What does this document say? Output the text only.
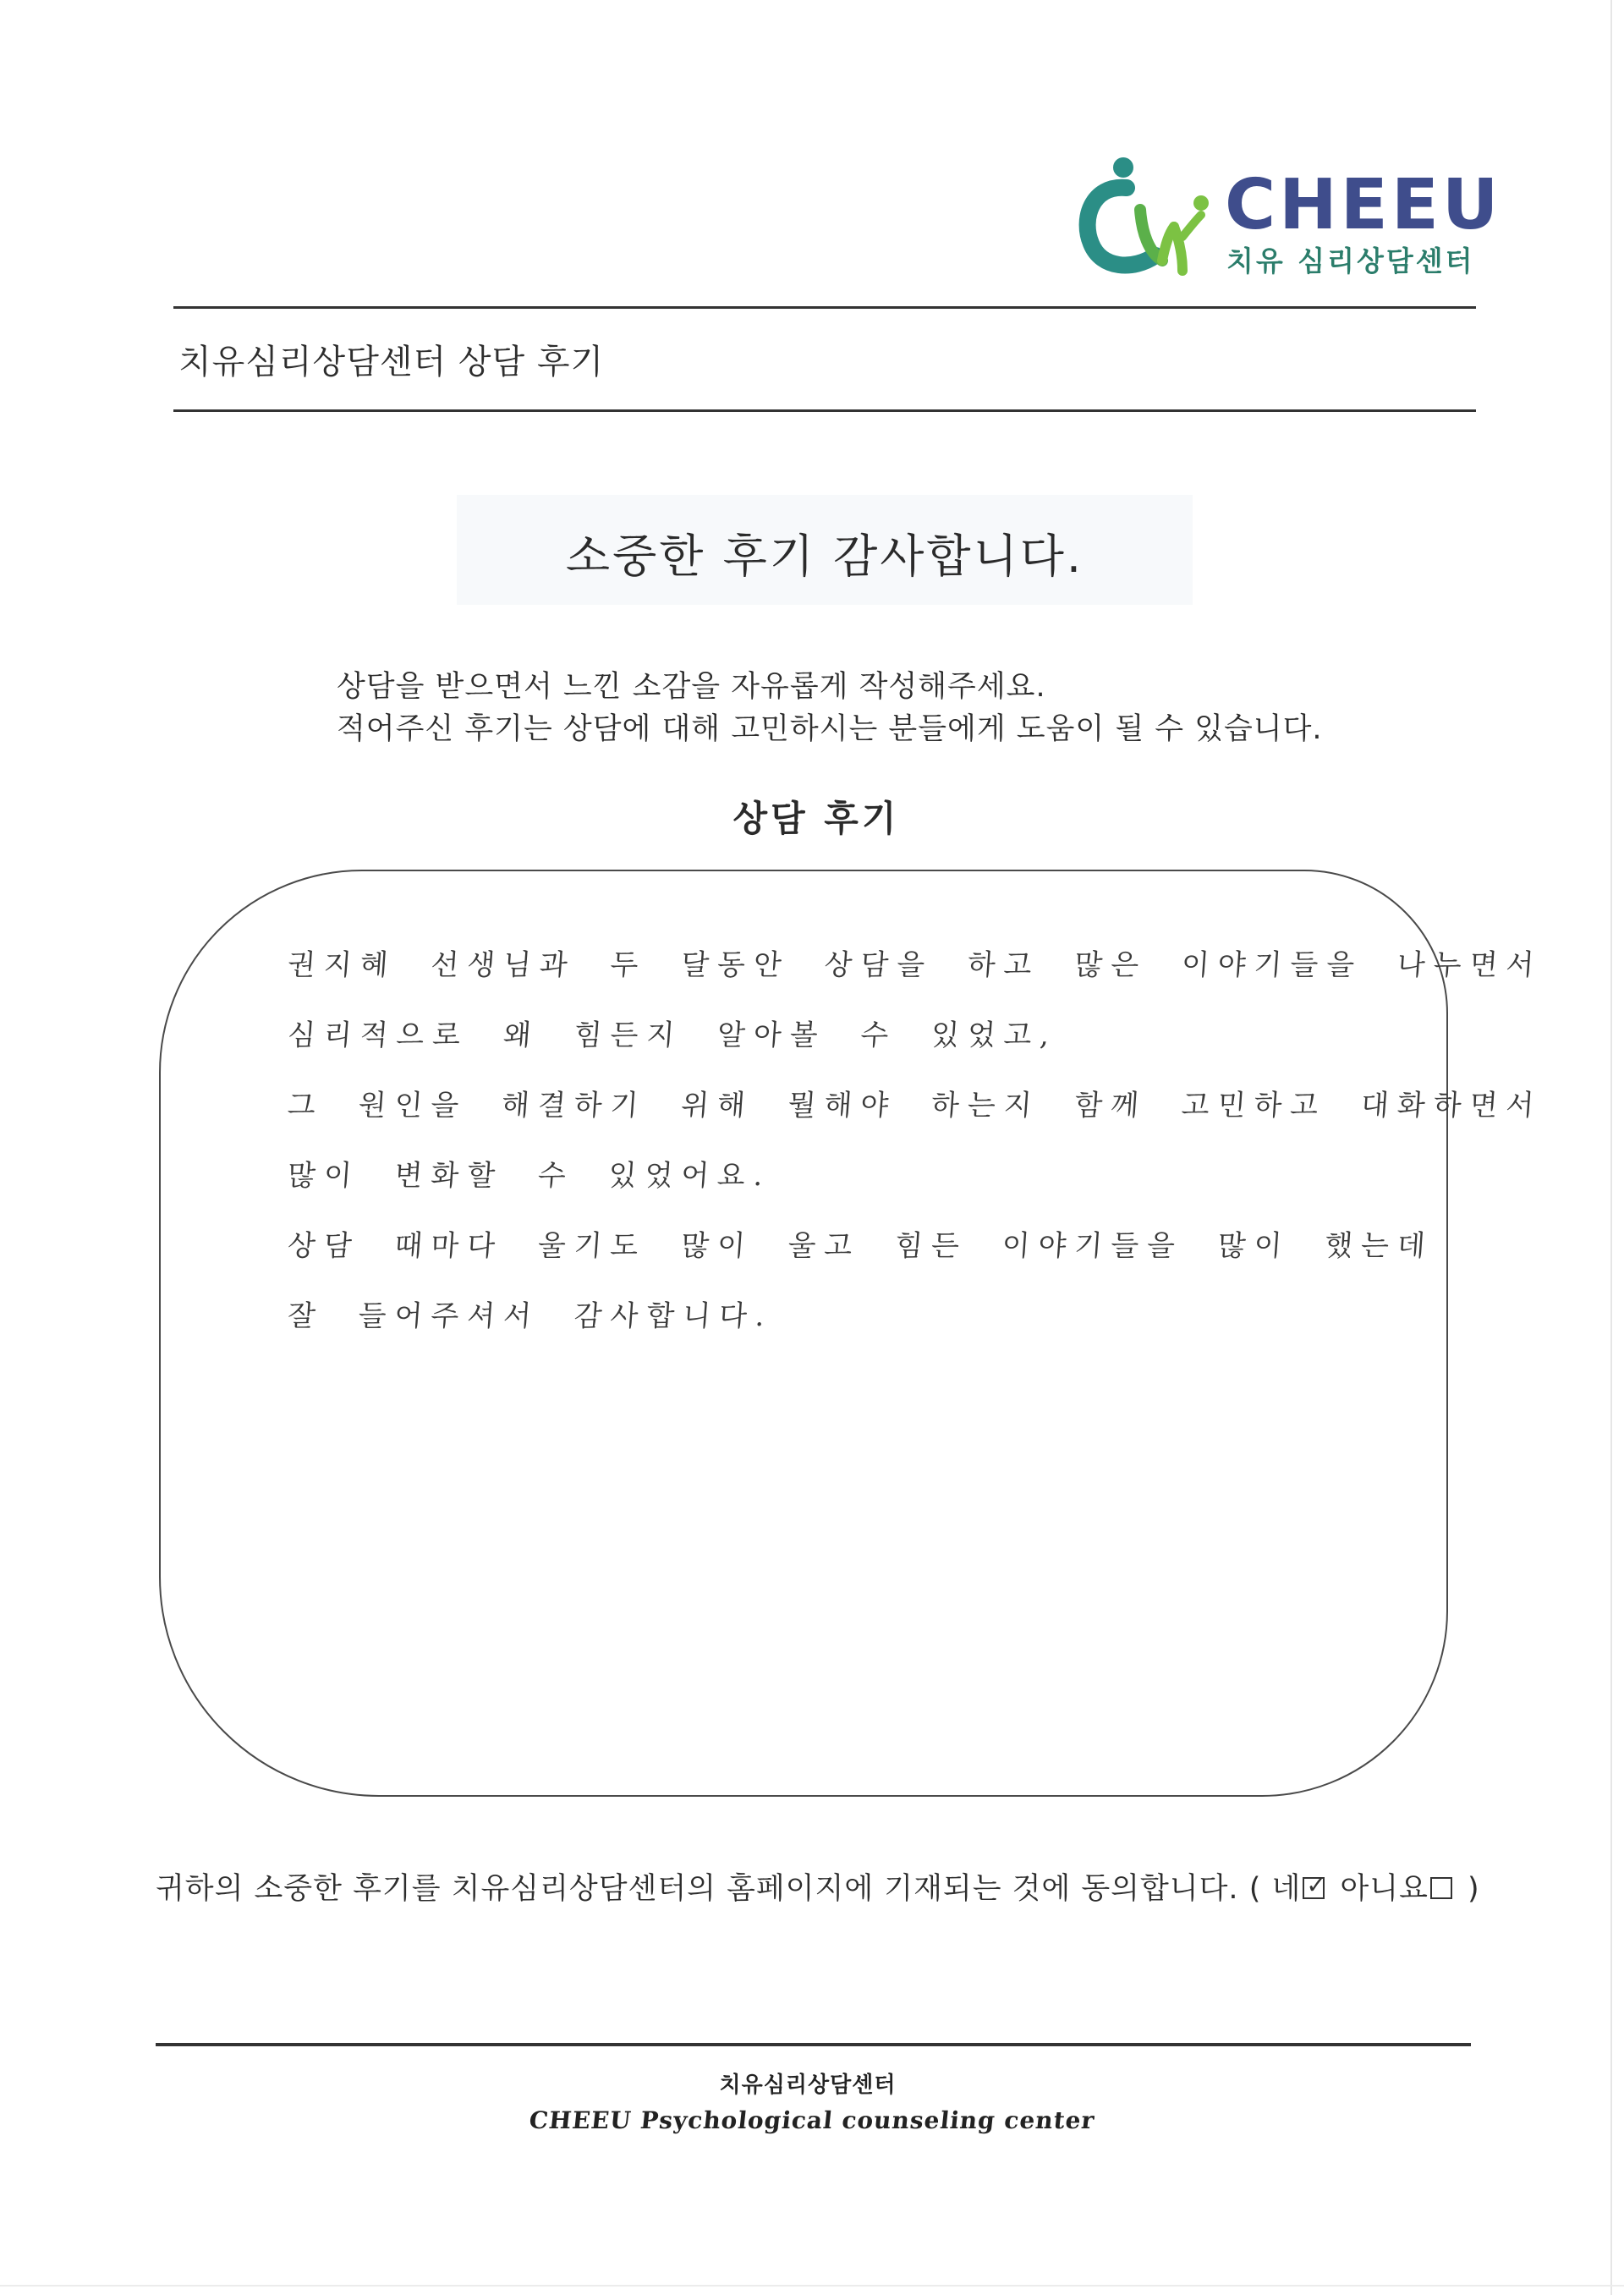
CHEEU
치유 심리상담센터
치유심리상담센터 상담 후기
소중한 후기 감사합니다.
상담을 받으면서 느낀 소감을 자유롭게 작성해주세요.
적어주신 후기는 상담에 대해 고민하시는 분들에게 도움이 될 수 있습니다.
상담 후기
권지혜 선생님과 두 달동안 상담을 하고 많은 이야기들을 나누면서
심리적으로 왜 힘든지 알아볼 수 있었고,
그 원인을 해결하기 위해 뭘해야 하는지 함께 고민하고 대화하면서
많이 변화할 수 있었어요.
상담 때마다 울기도 많이 울고 힘든 이야기들을 많이 했는데
잘 들어주셔서 감사합니다.
귀하의 소중한 후기를 치유심리상담센터의 홈페이지에 기재되는 것에 동의합니다. ( 네 ✓ 아니요 )
치유심리상담센터
CHEEU Psychological counseling center
